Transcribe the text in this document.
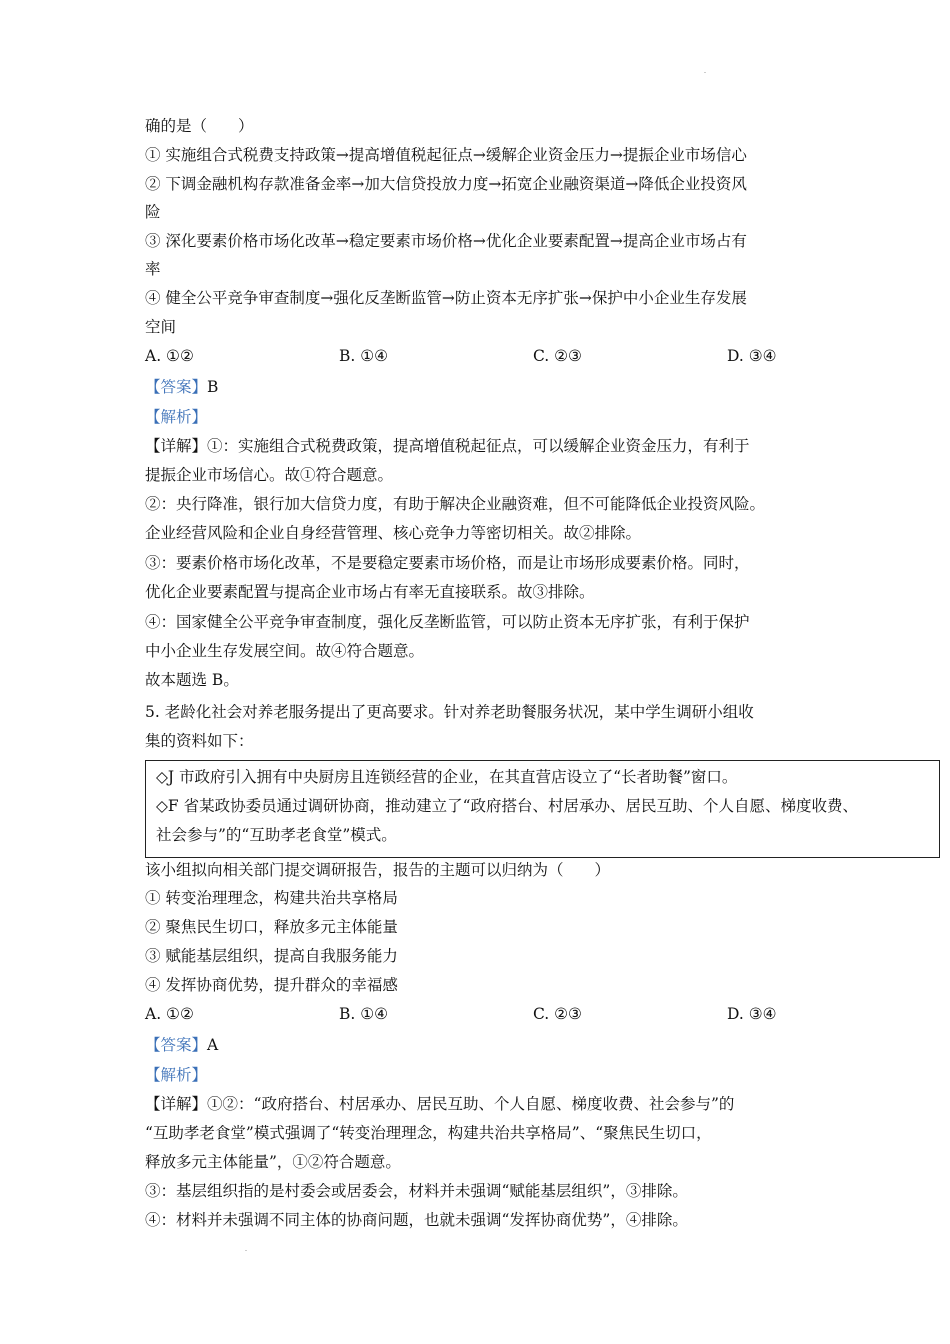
确的是（　　）
① 实施组合式税费支持政策→提高增值税起征点→缓解企业资金压力→提振企业市场信心
② 下调金融机构存款准备金率→加大信贷投放力度→拓宽企业融资渠道→降低企业投资风
险
③ 深化要素价格市场化改革→稳定要素市场价格→优化企业要素配置→提高企业市场占有
率
④ 健全公平竞争审查制度→强化反垄断监管→防止资本无序扩张→保护中小企业生存发展
空间
A. ①②	B. ①④	C. ②③	D. ③④
【答案】B
【解析】
【详解】①：实施组合式税费政策，提高增值税起征点，可以缓解企业资金压力，有利于
提振企业市场信心。故①符合题意。
②：央行降准，银行加大信贷力度，有助于解决企业融资难，但不可能降低企业投资风险。
企业经营风险和企业自身经营管理、核心竞争力等密切相关。故②排除。
③：要素价格市场化改革，不是要稳定要素市场价格，而是让市场形成要素价格。同时，
优化企业要素配置与提高企业市场占有率无直接联系。故③排除。
④：国家健全公平竞争审查制度，强化反垄断监管，可以防止资本无序扩张，有利于保护
中小企业生存发展空间。故④符合题意。
故本题选 B。
5. 老龄化社会对养老服务提出了更高要求。针对养老助餐服务状况，某中学生调研小组收
集的资料如下：
◇J 市政府引入拥有中央厨房且连锁经营的企业，在其直营店设立了“长者助餐”窗口。
◇F 省某政协委员通过调研协商，推动建立了“政府搭台、村居承办、居民互助、个人自愿、梯度收费、
社会参与”的“互助孝老食堂”模式。
该小组拟向相关部门提交调研报告，报告的主题可以归纳为（　　）
① 转变治理理念，构建共治共享格局
② 聚焦民生切口，释放多元主体能量
③ 赋能基层组织，提高自我服务能力
④ 发挥协商优势，提升群众的幸福感
A. ①②	B. ①④	C. ②③	D. ③④
【答案】A
【解析】
【详解】①②：“政府搭台、村居承办、居民互助、个人自愿、梯度收费、社会参与”的
“互助孝老食堂”模式强调了“转变治理理念，构建共治共享格局”、“聚焦民生切口，
释放多元主体能量”，①②符合题意。
③：基层组织指的是村委会或居委会，材料并未强调“赋能基层组织”，③排除。
④：材料并未强调不同主体的协商问题，也就未强调“发挥协商优势”，④排除。
